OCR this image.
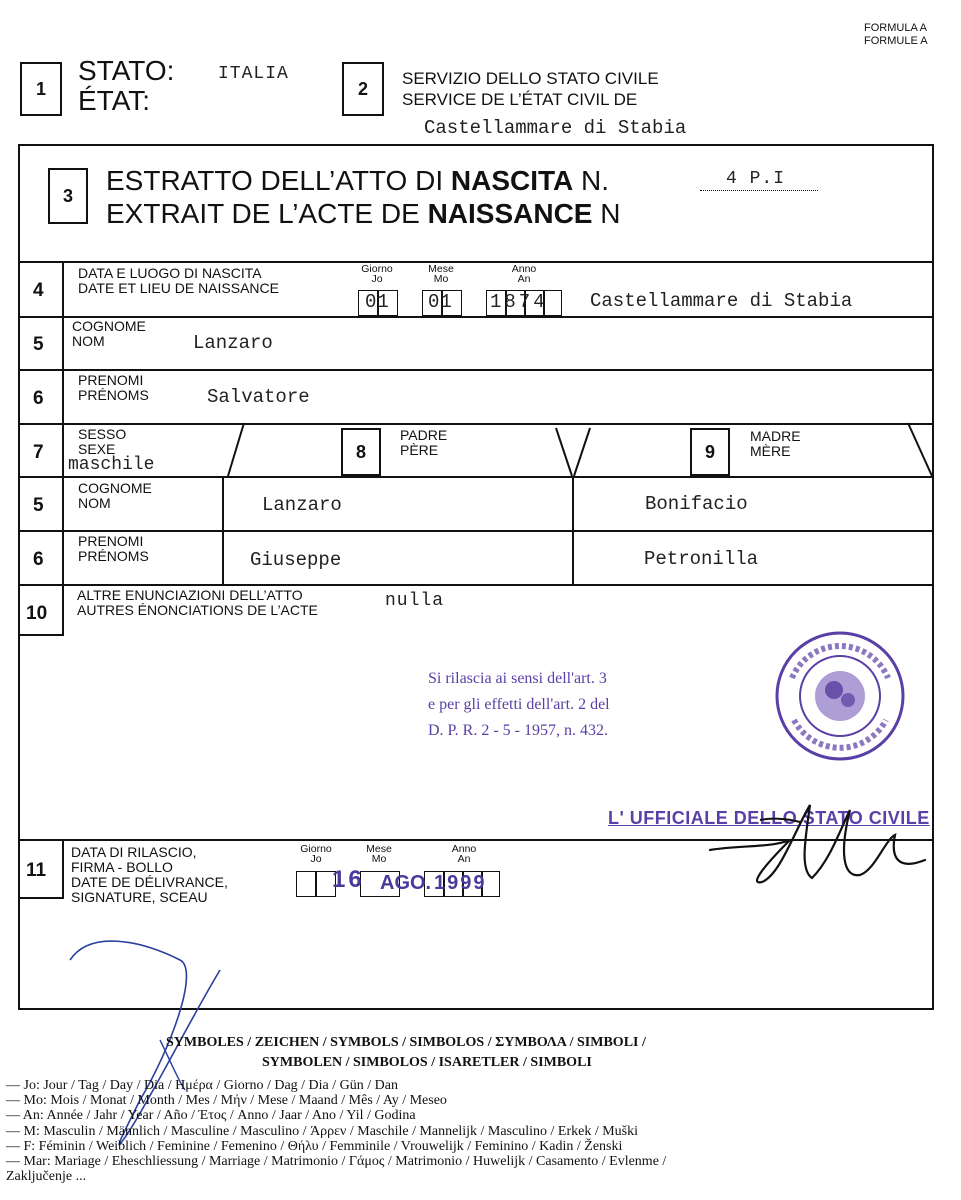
FORMULA A
FORMULE A
1
STATO:
ÉTAT:
ITALIA
2	SERVIZIO DELLO STATO CIVILE
SERVICE DE L’ÉTAT CIVIL DE
Castellammare di Stabia
3	ESTRATTO DELL’ATTO DI NASCITA N.
EXTRAIT DE L’ACTE DE NAISSANCE N
4 P.I
4
DATA E LUOGO DI NASCITA
DATE ET LIEU DE NAISSANCE
Giorno
Jo
Mese
Mo
Anno
An
01 01 1874 Castellammare di Stabia
5
COGNOME
NOM	Lanzaro
6
PRENOMI
PRÉNOMS	Salvatore
7
SESSO
SEXE
maschile
8
PADRE
PÈRE	9
MADRE
MÈRE
5
COGNOME
NOM	Lanzaro	Bonifacio
6
PRENOMI
PRÉNOMS	Giuseppe	Petronilla
10
ALTRE ENUNCIAZIONI DELL’ATTO
AUTRES ÉNONCIATIONS DE L’ACTE	nulla
Si rilascia ai sensi dell'art. 3
e per gli effetti dell'art. 2 del
D. P. R. 2 - 5 - 1957, n. 432.
L' UFFICIALE DELLO STATO CIVILE
11
DATA DI RILASCIO,
FIRMA - BOLLO
DATE DE DÉLIVRANCE,
SIGNATURE, SCEAU
Giorno
Jo
Mese
Mo
Anno
An
16 AGO. 1999
SYMBOLES / ZEICHEN / SYMBOLS / SIMBOLOS / ΣΥΜΒΟΛΑ / SIMBOLI /
SYMBOLEN / SIMBOLOS / ISARETLER / SIMBOLI
— Jo: Jour / Tag / Day / Dia / Ημέρα / Giorno / Dag / Dia / Gün / Dan
— Mo: Mois / Monat / Month / Mes / Μήν / Mese / Maand / Mês / Ay / Meseo
— An: Année / Jahr / Year / Año / Έτος / Anno / Jaar / Ano / Yil / Godina
— M: Masculin / Männlich / Masculine / Masculino / Άρρεν / Maschile / Mannelijk / Masculino / Erkek / Muški
— F: Féminin / Weiblich / Feminine / Femenino / Θήλυ / Femminile / Vrouwelijk / Feminino / Kadin / Ženski
— Mar: Mariage / Eheschliessung / Marriage / Matrimonio / Γάμος / Matrimonio / Huwelijk / Casamento / Evlenme /
Zaključenje ...
